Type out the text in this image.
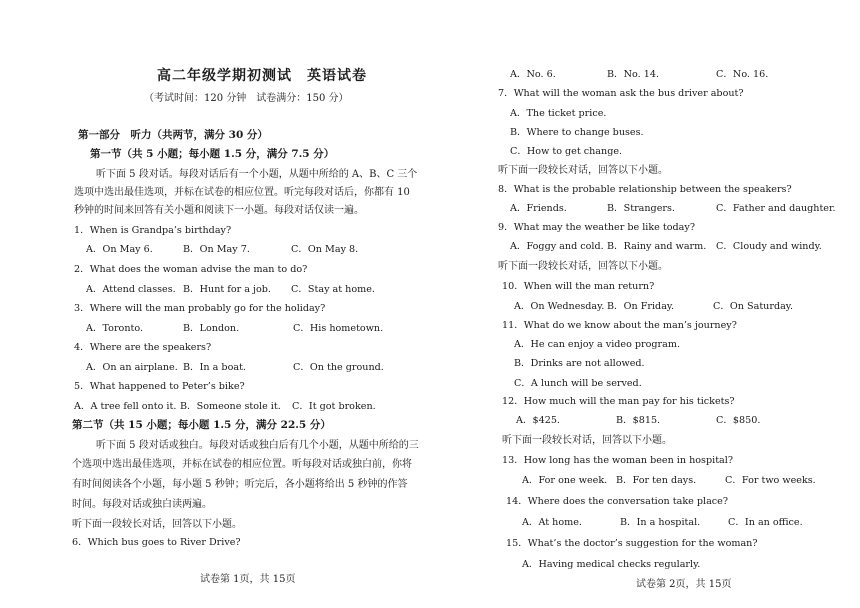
高二年级学期初测试　英语试卷
（考试时间：120 分钟　试卷满分：150 分）
第一部分　听力（共两节，满分 30 分）
第一节（共 5 小题；每小题 1.5 分，满分 7.5 分）
听下面 5 段对话。每段对话后有一个小题，从题中所给的 A、B、C 三个
选项中选出最佳选项，并标在试卷的相应位置。听完每段对话后，你都有 10
秒钟的时间来回答有关小题和阅读下一小题。每段对话仅读一遍。
1．When is Grandpa’s birthday?
A．On May 6.	B．On May 7.	C．On May 8.
2．What does the woman advise the man to do?
A．Attend classes. B．Hunt for a job. C．Stay at home.
3．Where will the man probably go for the holiday?
A．Toronto.	B．London.	C．His hometown.
4．Where are the speakers?
A．On an airplane. B．In a boat.	C．On the ground.
5．What happened to Peter’s bike?
A．A tree fell onto it. B．Someone stole it. C．It got broken.
第二节（共 15 小题；每小题 1.5 分，满分 22.5 分）
听下面 5 段对话或独白。每段对话或独白后有几个小题，从题中所给的三
个选项中选出最佳选项，并标在试卷的相应位置。听每段对话或独白前，你将
有时间阅读各个小题，每小题 5 秒钟；听完后，各小题将给出 5 秒钟的作答
时间。每段对话或独白读两遍。
听下面一段较长对话，回答以下小题。
6．Which bus goes to River Drive?
试卷第 1页，共 15页
A．No. 6.	B．No. 14.	C．No. 16.
7．What will the woman ask the bus driver about?
A．The ticket price.
B．Where to change buses.
C．How to get change.
听下面一段较长对话，回答以下小题。
8．What is the probable relationship between the speakers?
A．Friends.	B．Strangers.	C．Father and daughter.
9．What may the weather be like today?
A．Foggy and cold. B．Rainy and warm. C．Cloudy and windy.
听下面一段较长对话，回答以下小题。
10．When will the man return?
A．On Wednesday. B．On Friday.	C．On Saturday.
11．What do we know about the man’s journey?
A．He can enjoy a video program.
B．Drinks are not allowed.
C．A lunch will be served.
12．How much will the man pay for his tickets?
A．$425.	B．$815.	C．$850.
听下面一段较长对话，回答以下小题。
13．How long has the woman been in hospital?
A．For one week. B．For ten days.	C．For two weeks.
14．Where does the conversation take place?
A．At home.	B．In a hospital.	C．In an office.
15．What’s the doctor’s suggestion for the woman?
A．Having medical checks regularly.
试卷第 2页，共 15页
